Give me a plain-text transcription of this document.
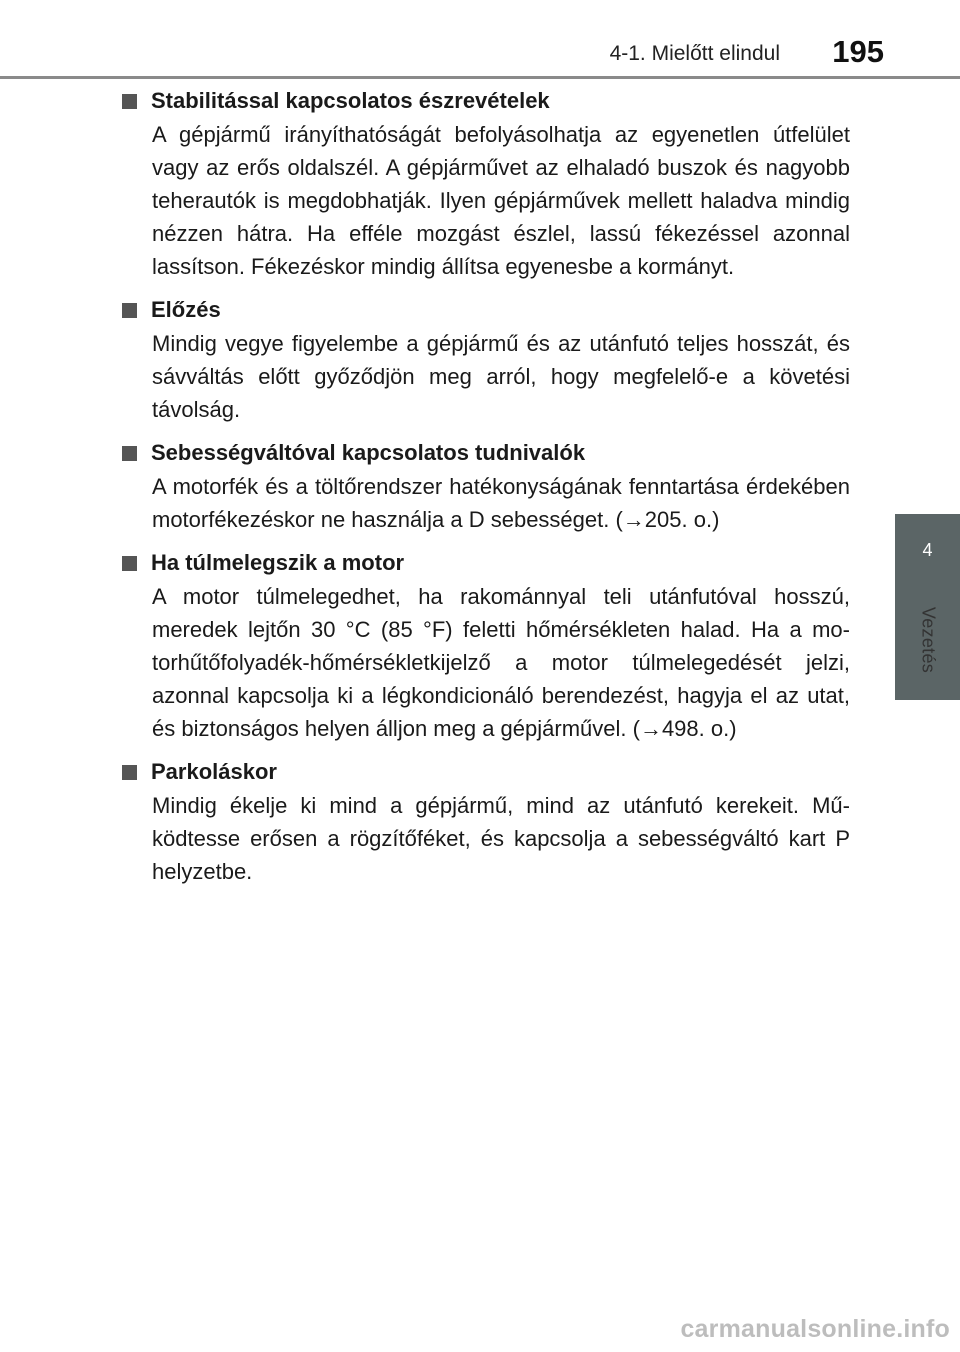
4-1. Mielőtt elindul 195
4
Vezetés
Stabilitással kapcsolatos észrevételek

A gépjármű irányíthatóságát befolyásolhatja az egyenetlen útfelület vagy az erős oldalszél. A gépjárművet az elhaladó buszok és nagyobb teherautók is megdobhatják. Ilyen gépjárművek mellett haladva mindig nézzen hátra. Ha efféle mozgást észlel, lassú fékezéssel azonnal lassítson. Fékezéskor mindig állítsa egyenesbe a kormányt.

Előzés

Mindig vegye figyelembe a gépjármű és az utánfutó teljes hosszát, és sávváltás előtt győződjön meg arról, hogy megfelelő-e a követési távolság.

Sebességváltóval kapcsolatos tudnivalók

A motorfék és a töltőrendszer hatékonyságának fenntartása érdekében motorfékezéskor ne használja a D sebességet. (→205. o.)

Ha túlmelegszik a motor

A motor túlmelegedhet, ha rakománnyal teli utánfutóval hosszú, meredek lejtőn 30 °C (85 °F) feletti hőmérsékleten halad. Ha a motorhűtőfolyadék-hőmérsékletkijelző a motor túlmelegedését jelzi, azonnal kapcsolja ki a légkondicionáló berendezést, hagyja el az utat, és biztonságos helyen álljon meg a gépjárművel. (→498. o.)

Parkoláskor

Mindig ékelje ki mind a gépjármű, mind az utánfutó kerekeit. Működtesse erősen a rögzítőféket, és kapcsolja a sebességváltó kart P helyzetbe.

carmanualsonline.info
